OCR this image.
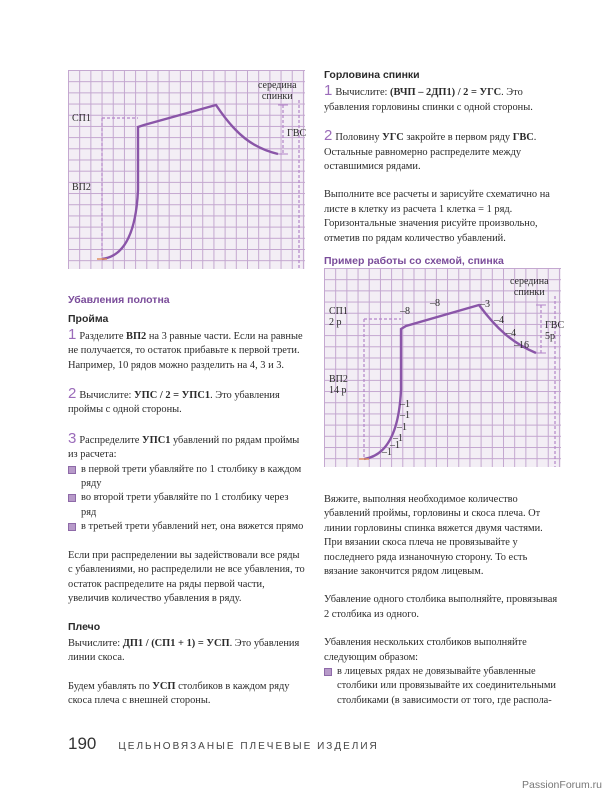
СП1
ВП2
ГВС
середина
спинки
СП1
2 р
ВП2
14 р
ГВС
5р
середина
спинки
–8
–8	–3
–4
–4
–16
–1
–1
–1
–1
–1
–1

Убавления полотна

Пройма

1 Разделите ВП2 на 3 равные части. Если на равные не получается, то остаток прибавьте к первой трети. Например, 10 рядов можно разделить на 4, 3 и 3.

2 Вычислите: УПС / 2 = УПС1. Это убавления проймы с одной стороны.

3 Распределите УПС1 убавлений по рядам проймы из расчета:

в первой трети убавляйте по 1 столбику в каждом ряду
во второй трети убавляйте по 1 столбику через ряд
в третьей трети убавлений нет, она вяжется прямо

Если при распределении вы задействовали все ряды с убавлениями, но распределили не все убавления, то остаток распределите на ряды первой части, увеличив количество убавления в ряду.

Плечо

Вычислите: ДП1 / (СП1 + 1) = УСП. Это убавления линии скоса.

Будем убавлять по УСП столбиков в каждом ряду скоса плеча с внешней стороны.

Горловина спинки

1 Вычислите: (ВЧП – 2ДП1) / 2 = УГС. Это убавления горловины спинки с одной стороны.

2 Половину УГС закройте в первом ряду ГВС. Остальные равномерно распределите между оставшимися рядами.

Выполните все расчеты и зарисуйте схематично на листе в клетку из расчета 1 клетка = 1 ряд. Горизонтальные значения рисуйте произвольно, отметив по рядам количество убавлений.

Пример работы со схемой, спинка

Вяжите, выполняя необходимое количество убавлений проймы, горловины и скоса плеча. От линии горловины спинка вяжется двумя частями. При вязании скоса плеча не провязывайте у последнего ряда изнаночную сторону. То есть вязание закончится рядом лицевым.

Убавление одного столбика выполняйте, провязывая 2 столбика из одного.

Убавления нескольких столбиков выполняйте следующим образом:

в лицевых рядах не довязывайте убавленные столбики или провязывайте их соединительными столбиками (в зависимости от того, где распола-
190 ЦЕЛЬНОВЯЗАНЫЕ ПЛЕЧЕВЫЕ ИЗДЕЛИЯ
PassionForum.ru
